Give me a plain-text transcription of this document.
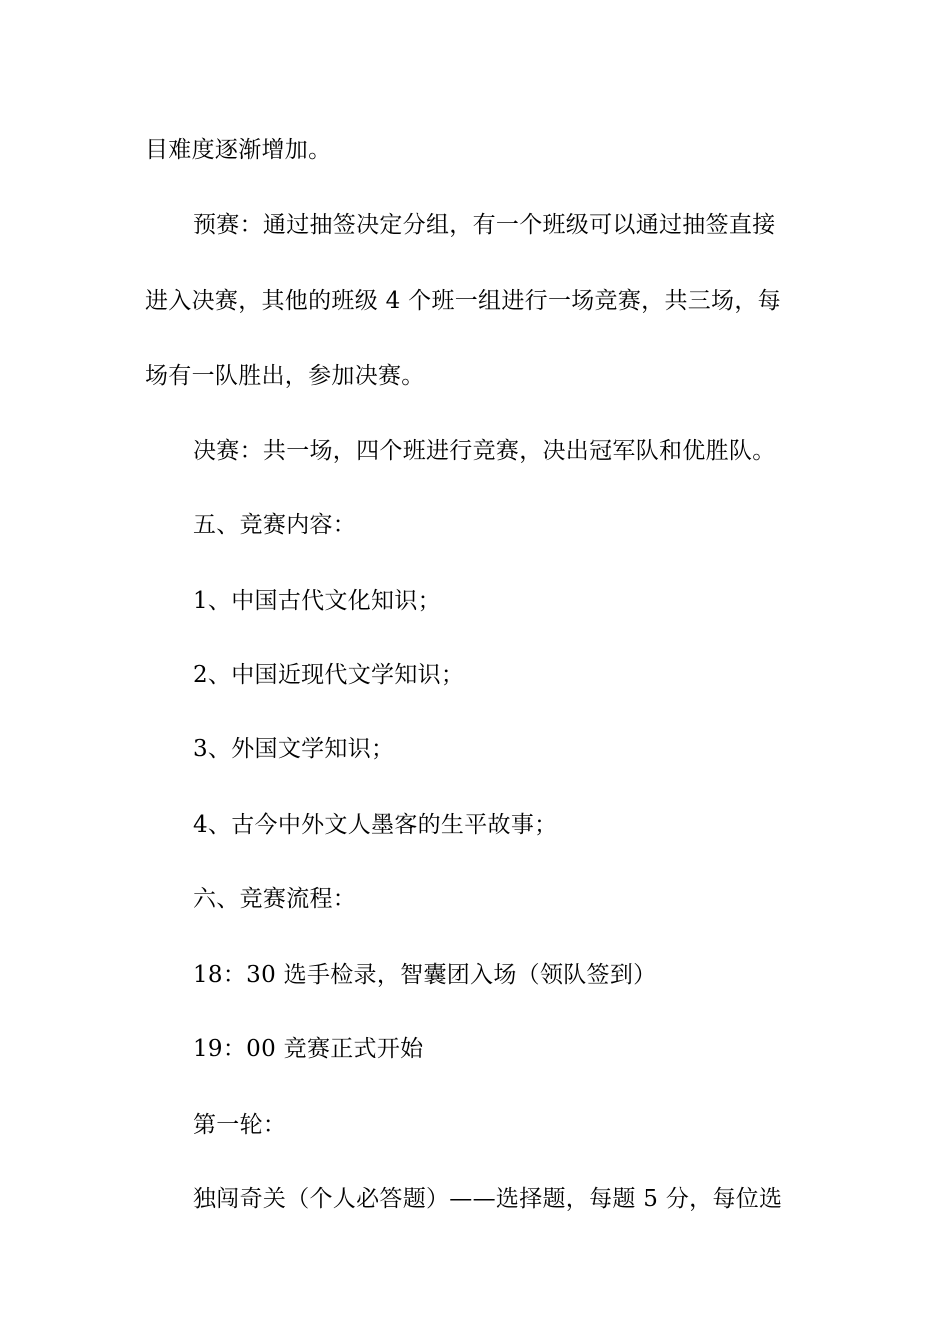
目难度逐渐增加。
预赛：通过抽签决定分组，有一个班级可以通过抽签直接
进入决赛，其他的班级 4 个班一组进行一场竞赛，共三场，每
场有一队胜出，参加决赛。
决赛：共一场，四个班进行竞赛，决出冠军队和优胜队。
五、竞赛内容：
1、中国古代文化知识；
2、中国近现代文学知识；
3、外国文学知识；
4、古今中外文人墨客的生平故事；
六、竞赛流程：
18：30 选手检录，智囊团入场（领队签到）
19：00 竞赛正式开始
第一轮：
独闯奇关（个人必答题）——选择题，每题 5 分，每位选
